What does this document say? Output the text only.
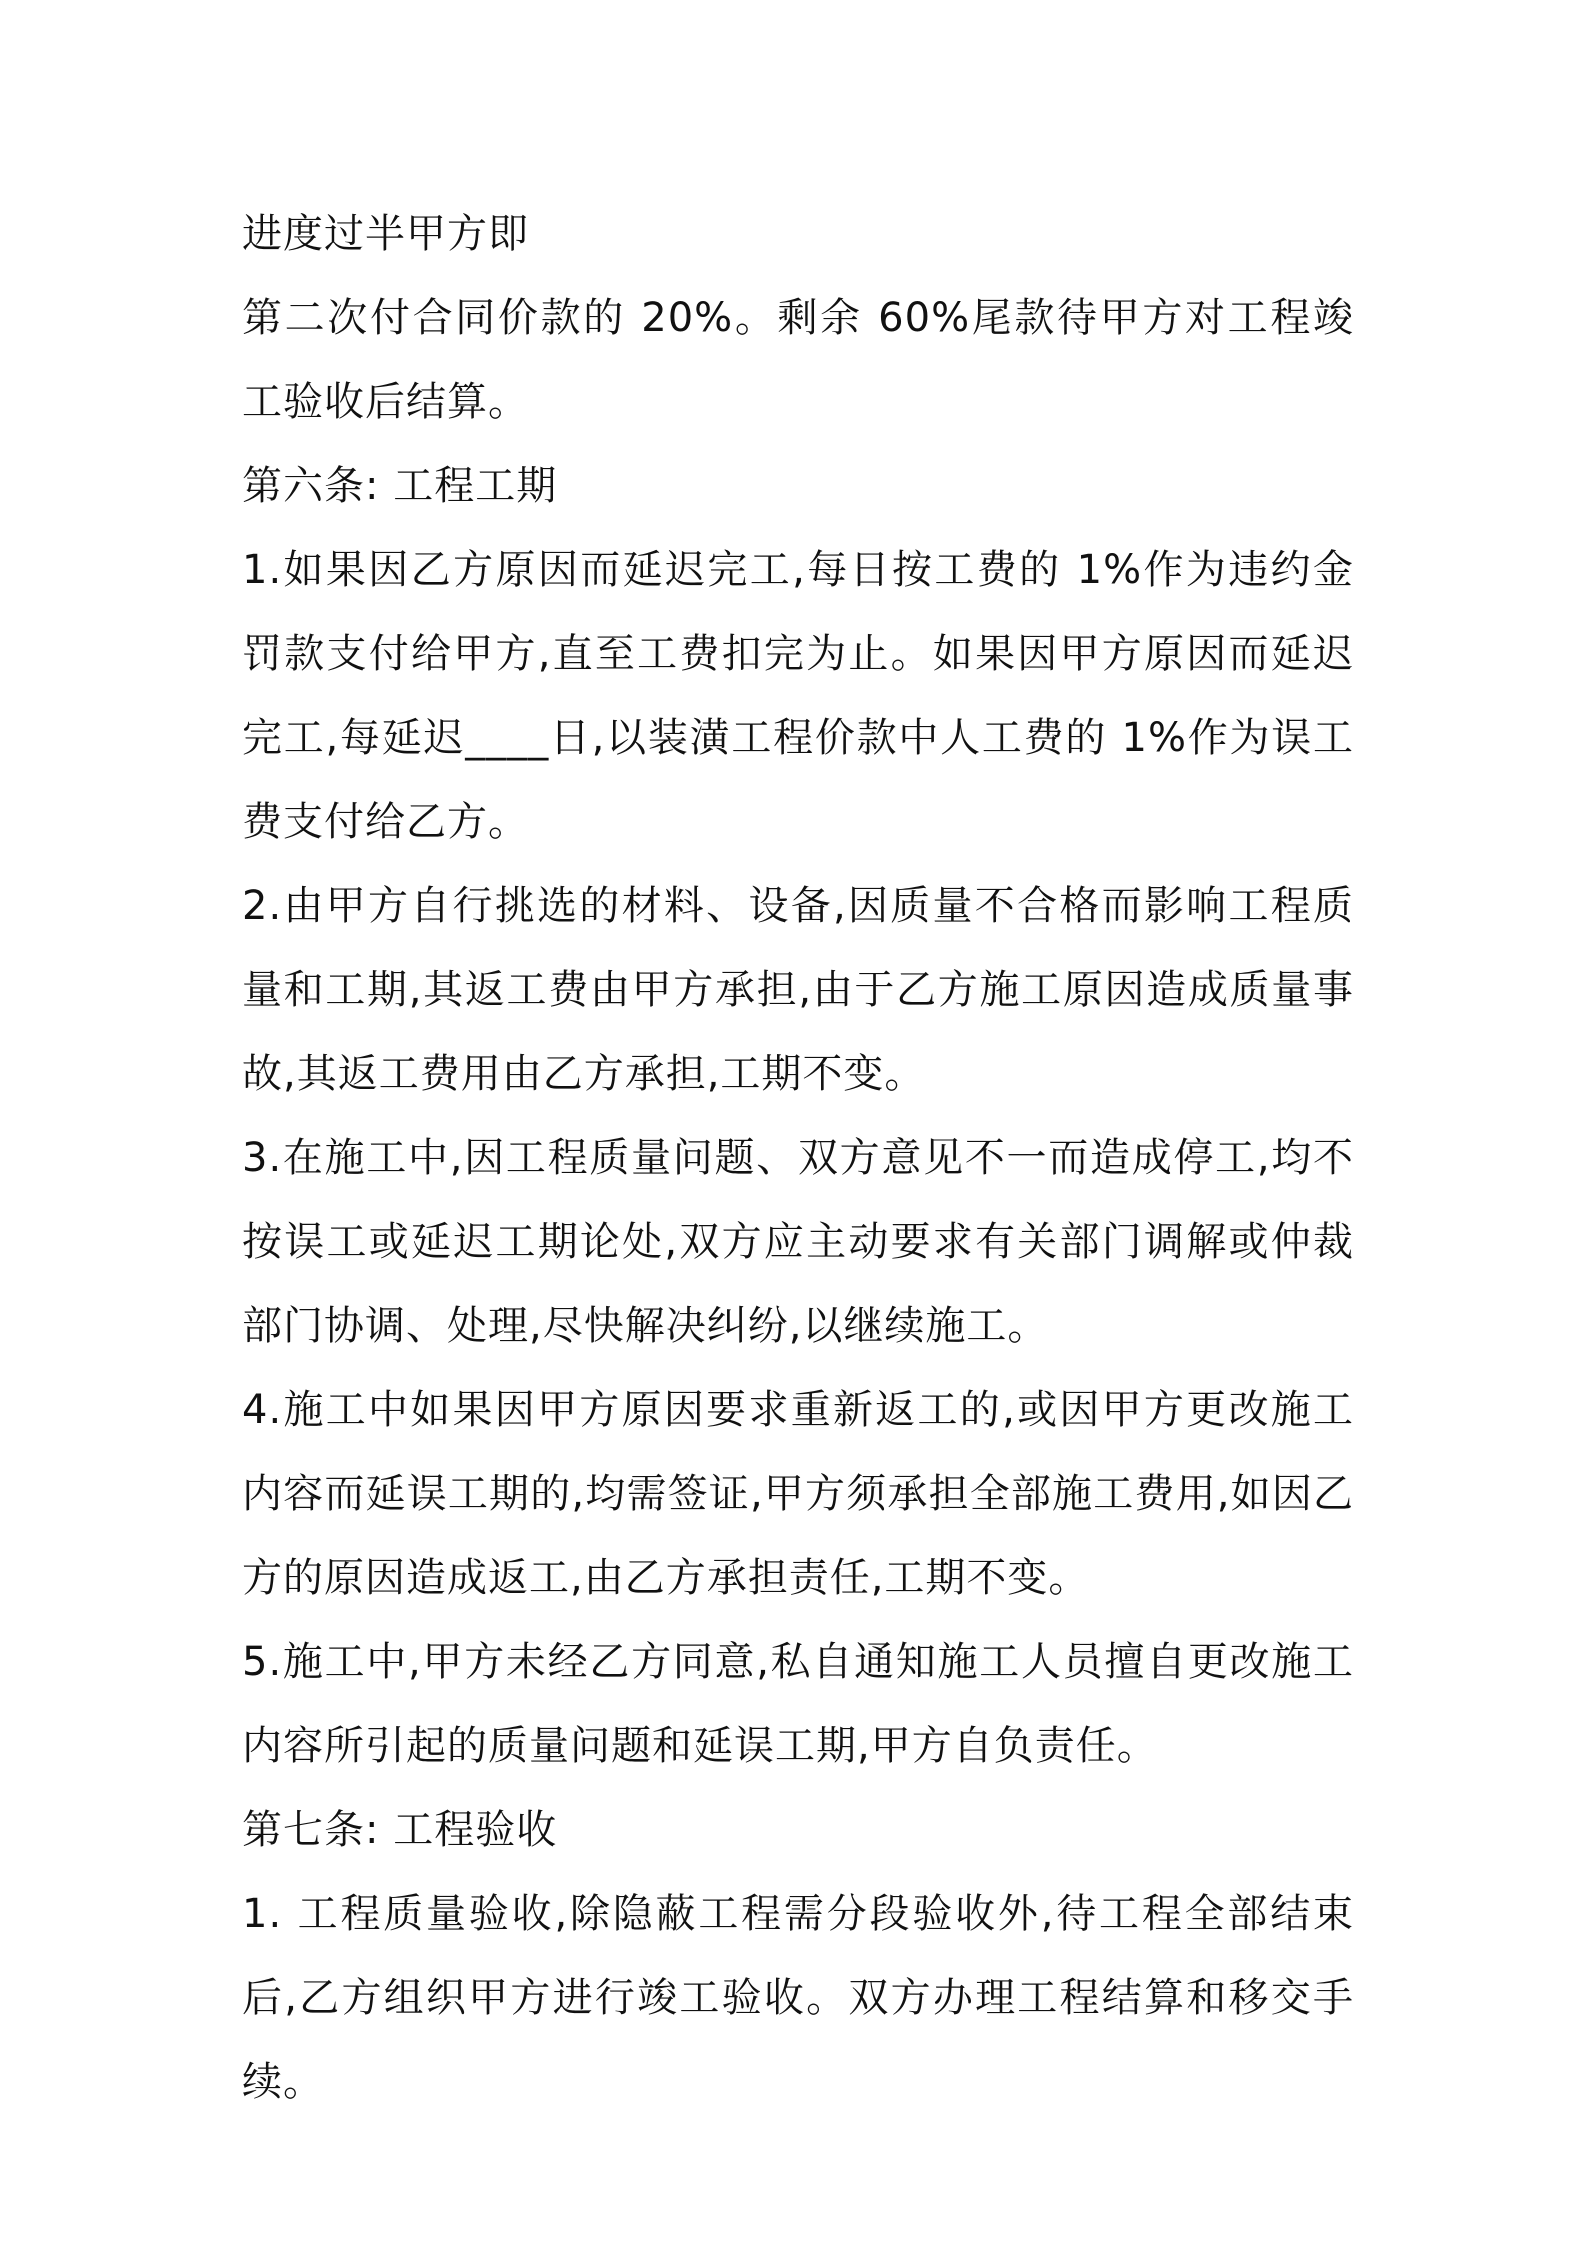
进度过半甲方即

第二次付合同价款的 20%。剩余 60%尾款待甲方对工程竣工验收后结算。

第六条: 工程工期

1.如果因乙方原因而延迟完工,每日按工费的 1%作为违约金罚款支付给甲方,直至工费扣完为止。如果因甲方原因而延迟完工,每延迟____日,以装潢工程价款中人工费的 1%作为误工费支付给乙方。

2.由甲方自行挑选的材料、设备,因质量不合格而影响工程质量和工期,其返工费由甲方承担,由于乙方施工原因造成质量事故,其返工费用由乙方承担,工期不变。

3.在施工中,因工程质量问题、双方意见不一而造成停工,均不按误工或延迟工期论处,双方应主动要求有关部门调解或仲裁部门协调、处理,尽快解决纠纷,以继续施工。

4.施工中如果因甲方原因要求重新返工的,或因甲方更改施工内容而延误工期的,均需签证,甲方须承担全部施工费用,如因乙方的原因造成返工,由乙方承担责任,工期不变。

5.施工中,甲方未经乙方同意,私自通知施工人员擅自更改施工内容所引起的质量问题和延误工期,甲方自负责任。

第七条: 工程验收

1. 工程质量验收,除隐蔽工程需分段验收外,待工程全部结束后,乙方组织甲方进行竣工验收。双方办理工程结算和移交手续。
